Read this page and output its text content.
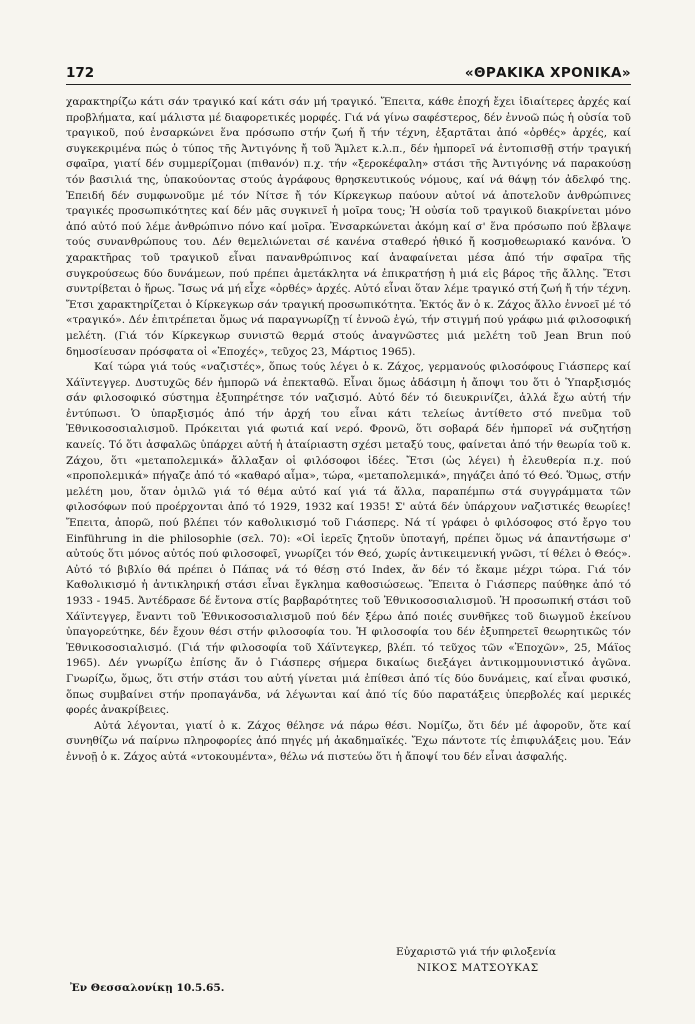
172	«ΘΡΑΚΙΚΑ ΧΡΟΝΙΚΑ»

χαρακτηρίζω κάτι σάν τραγικό καί κάτι σάν μή τραγικό. Ἔπειτα, κάθε ἐποχή ἔχει ἰδιαίτερες ἀρχές καί προβλήματα, καί μάλιστα μέ διαφορετικές μορφές. Γιά νά γίνω σαφέστερος, δέν ἐννοῶ πώς ἡ οὐσία τοῦ τραγικοῦ, πού ἐνσαρκώνει ἕνα πρόσωπο στήν ζωή ἤ τήν τέχνη, ἐξαρτᾶται ἀπό «ὀρθές» ἀρχές, καί συγκεκριμένα πώς ὁ τύπος τῆς Ἀντιγόνης ἤ τοῦ Ἄμλετ κ.λ.π., δέν ἠμπορεῖ νά ἐντοπισθῇ στήν τραγική σφαῖρα, γιατί δέν συμμερίζομαι (πιθανόν) π.χ. τήν «ξεροκέφαλη» στάσι τῆς Ἀντιγόνης νά παρακούσῃ τόν βασιλιά της, ὑπακούοντας στούς ἀγράφους θρησκευτικούς νόμους, καί νά θάψῃ τόν ἀδελφό της. Ἐπειδή δέν συμφωνοῦμε μέ τόν Νίτσε ἤ τόν Κίρκεγκωρ παύουν αὐτοί νά ἀποτελοῦν ἀνθρώπινες τραγικές προσωπικότητες καί δέν μᾶς συγκινεῖ ἡ μοῖρα τους; Ἡ οὐσία τοῦ τραγικοῦ διακρίνεται μόνο ἀπό αὐτό πού λέμε ἀνθρώπινο πόνο καί μοῖρα. Ἐνσαρκώνεται ἀκόμη καί σ' ἕνα πρόσωπο πού ἔβλαψε τούς συνανθρώπους του. Δέν θεμελιώνεται σέ κανένα σταθερό ἠθικό ἤ κοσμοθεωριακό κανόνα. Ὁ χαρακτῆρας τοῦ τραγικοῦ εἶναι πανανθρώπινος καί ἀναφαίνεται μέσα ἀπό τήν σφαῖρα τῆς συγκρούσεως δύο δυνάμεων, πού πρέπει ἀμετάκλητα νά ἐπικρατήσῃ ἡ μιά εἰς βάρος τῆς ἄλλης. Ἔτσι συντρίβεται ὁ ἥρως. Ἴσως νά μή εἶχε «ὀρθές» ἀρχές. Αὐτό εἶναι ὅταν λέμε τραγικό στή ζωή ἤ τήν τέχνη. Ἔτσι χαρακτηρίζεται ὁ Κίρκεγκωρ σάν τραγική προσωπικότητα. Ἐκτός ἄν ὁ κ. Ζάχος ἄλλο ἐννοεῖ μέ τό «τραγικό». Δέν ἐπιτρέπεται ὅμως νά παραγνωρίζῃ τί ἐννοῶ ἐγώ, τήν στιγμή πού γράφω μιά φιλοσοφική μελέτη. (Γιά τόν Κίρκεγκωρ συνιστῶ θερμά στούς ἀναγνῶστες μιά μελέτη τοῦ Jean Brun πού δημοσίευσαν πρόσφατα οἱ «Ἐποχές», τεῦχος 23, Μάρτιος 1965).

Καί τώρα γιά τούς «ναζιστές», ὅπως τούς λέγει ὁ κ. Ζάχος, γερμανούς φιλοσόφους Γιάσπερς καί Χάϊντεγγερ. Δυστυχῶς δέν ἠμπορῶ νά ἐπεκταθῶ. Εἶναι ὅμως ἀδάσιμη ἡ ἄποψι του ὅτι ὁ Ὑπαρξισμός σάν φιλοσοφικό σύστημα ἐξυπηρέτησε τόν ναζισμό. Αὐτό δέν τό διευκρινίζει, ἀλλά ἔχω αὐτή τήν ἐντύπωσι. Ὁ ὑπαρξισμός ἀπό τήν ἀρχή του εἶναι κάτι τελείως ἀντίθετο στό πνεῦμα τοῦ Ἐθνικοσοσιαλισμοῦ. Πρόκειται γιά φωτιά καί νερό. Φρονῶ, ὅτι σοβαρά δέν ἠμπορεῖ νά συζητήσῃ κανείς. Τό ὅτι ἀσφαλῶς ὑπάρχει αὐτή ἡ ἀταίριαστη σχέσι μεταξύ τους, φαίνεται ἀπό τήν θεωρία τοῦ κ. Ζάχου, ὅτι «μεταπολεμικά» ἄλλαξαν οἱ φιλόσοφοι ἰδέες. Ἔτσι (ὡς λέγει) ἡ ἐλευθερία π.χ. πού «προπολεμικά» πήγαζε ἀπό τό «καθαρό αἷμα», τώρα, «μεταπολεμικά», πηγάζει ἀπό τό Θεό. Ὅμως, στήν μελέτη μου, ὅταν ὁμιλῶ γιά τό θέμα αὐτό καί γιά τά ἄλλα, παραπέμπω στά συγγράμματα τῶν φιλοσόφων πού προέρχονται ἀπό τό 1929, 1932 καί 1935! Σ' αὐτά δέν ὑπάρχουν ναζιστικές θεωρίες! Ἔπειτα, ἀπορῶ, πού βλέπει τόν καθολικισμό τοῦ Γιάσπερς. Νά τί γράφει ὁ φιλόσοφος στό ἔργο του Einführung in die philosophie (σελ. 70): «Οἱ ἱερεῖς ζητοῦν ὑποταγή, πρέπει ὅμως νά ἀπαντήσωμε σ' αὐτούς ὅτι μόνος αὐτός πού φιλοσοφεῖ, γνωρίζει τόν Θεό, χωρίς ἀντικειμενική γνῶσι, τί θέλει ὁ Θεός». Αὐτό τό βιβλίο θά πρέπει ὁ Πάπας νά τό θέσῃ στό Index, ἄν δέν τό ἔκαμε μέχρι τώρα. Γιά τόν Καθολικισμό ἡ ἀντικληρική στάσι εἶναι ἔγκλημα καθοσιώσεως. Ἔπειτα ὁ Γιάσπερς παύθηκε ἀπό τό 1933 - 1945. Ἀντέδρασε δέ ἔντονα στίς βαρβαρότητες τοῦ Ἐθνικοσοσιαλισμοῦ. Ἡ προσωπική στάσι τοῦ Χάϊντεγγερ, ἔναντι τοῦ Ἐθνικοσοσιαλισμοῦ πού δέν ξέρω ἀπό ποιές συνθῆκες τοῦ διωγμοῦ ἐκείνου ὑπαγορεύτηκε, δέν ἔχουν θέσι στήν φιλοσοφία του. Ἡ φιλοσοφία του δέν ἐξυπηρετεῖ θεωρητικῶς τόν Ἐθνικοσοσιαλισμό. (Γιά τήν φιλοσοφία τοῦ Χάϊντεγκερ, βλέπ. τό τεῦχος τῶν «Ἐποχῶν», 25, Μάϊος 1965). Δέν γνωρίζω ἐπίσης ἄν ὁ Γιάσπερς σήμερα δικαίως διεξάγει ἀντικομμουνιστικό ἀγῶνα. Γνωρίζω, ὅμως, ὅτι στήν στάσι του αὐτή γίνεται μιά ἐπίθεσι ἀπό τίς δύο δυνάμεις, καί εἶναι φυσικό, ὅπως συμβαίνει στήν προπαγάνδα, νά λέγωνται καί ἀπό τίς δύο παρατάξεις ὑπερβολές καί μερικές φορές ἀνακρίβειες.

Αὐτά λέγονται, γιατί ὁ κ. Ζάχος θέλησε νά πάρω θέσι. Νομίζω, ὅτι δέν μέ ἀφοροῦν, ὅτε καί συνηθίζω νά παίρνω πληροφορίες ἀπό πηγές μή ἀκαδημαϊκές. Ἔχω πάντοτε τίς ἐπιφυλάξεις μου. Ἐάν ἐννοῇ ὁ κ. Ζάχος αὐτά «ντοκουμέντα», θέλω νά πιστεύω ὅτι ἡ ἄποψί του δέν εἶναι ἀσφαλής.

Εὐχαριστῶ γιά τήν φιλοξενία
ΝΙΚΟΣ ΜΑΤΣΟΥΚΑΣ
Ἐν Θεσσαλονίκῃ 10.5.65.
